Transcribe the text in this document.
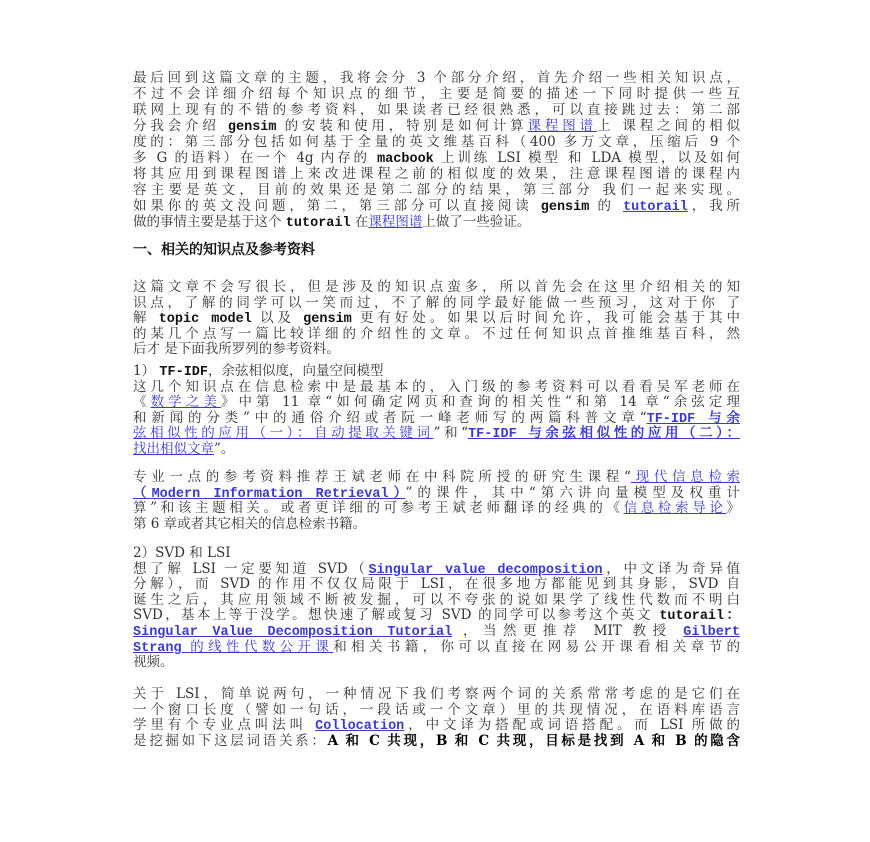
最后回到这篇文章的主题，我将会分 3 个部分介绍，首先介绍一些相关知识点，
不过不会详细介绍每个知识点的细节，主要是简要的描述一下同时提供一些互
联网上现有的不错的参考资料，如果读者已经很熟悉，可以直接跳过去：第二部
分我会介绍 gensim 的安装和使用，特别是如何计算课程图谱上 课程之间的相似
度的：第三部分包括如何基于全量的英文维基百科（400 多万文章，压缩后 9 个
多 G 的语料）在一个 4g 内存的 macbook 上训练 LSI 模型 和 LDA 模型，以及如何
将其应用到课程图谱上来改进课程之前的相似度的效果，注意课程图谱的课程内
容主要是英文，目前的效果还是第二部分的结果，第三部分 我们一起来实现。
如果你的英文没问题，第二，第三部分可以直接阅读 gensim 的 tutorail，我所
做的事情主要是基于这个 tutorail 在课程图谱上做了一些验证。
一、相关的知识点及参考资料
这篇文章不会写很长，但是涉及的知识点蛮多，所以首先会在这里介绍相关的知
识点，了解的同学可以一笑而过，不了解的同学最好能做一些预习，这对于你 了
解 topic model 以及 gensim 更有好处。如果以后时间允许，我可能会基于其中
的某几个点写一篇比较详细的介绍性的文章。不过任何知识点首推维基百科，然
后才 是下面我所罗列的参考资料。
1） TF-IDF，余弦相似度，向量空间模型
这几个知识点在信息检索中是最基本的，入门级的参考资料可以看看吴军老师在
《数学之美》中第 11 章“如何确定网页和查询的相关性”和第 14 章“余弦定理
和新闻的分类”中的通俗介绍或者阮一峰老师写的两篇科普文章“TF-IDF 与余
弦相似性的应用（一）：自动提取关键词”和“TF-IDF 与余弦相似性的应用（二）：
找出相似文章”。
专业一点的参考资料推荐王斌老师在中科院所授的研究生课程“现代信息检索
（Modern Information Retrieval）”的课件，其中“第六讲向量模型及权重计
算”和该主题相关。或者更详细的可参考王斌老师翻译的经典的《信息检索导论》
第 6 章或者其它相关的信息检索书籍。
2）SVD 和 LSI
想了解 LSI 一定要知道 SVD（Singular value decomposition，中文译为奇异值
分解），而 SVD 的作用不仅仅局限于 LSI，在很多地方都能见到其身影，SVD 自
诞生之后，其应用领域不断被发掘，可以不夸张的说如果学了线性代数而不明白
SVD，基本上等于没学。想快速了解或复习 SVD 的同学可以参考这个英文 tutorail：
Singular Value Decomposition Tutorial ，当然更推荐 MIT 教授 Gilbert
Strang 的线性代数公开课和相关书籍，你可以直接在网易公开课看相关章节的
视频。
关于 LSI，简单说两句，一种情况下我们考察两个词的关系常常考虑的是它们在
一个窗口长度（譬如一句话，一段话或一个文章）里的共现情况，在语料库语言
学里有个专业点叫法叫 Collocation，中文译为搭配或词语搭配。而 LSI 所做的
是挖掘如下这层词语关系：A 和 C 共现，B 和 C 共现，目标是找到 A 和 B 的隐含
